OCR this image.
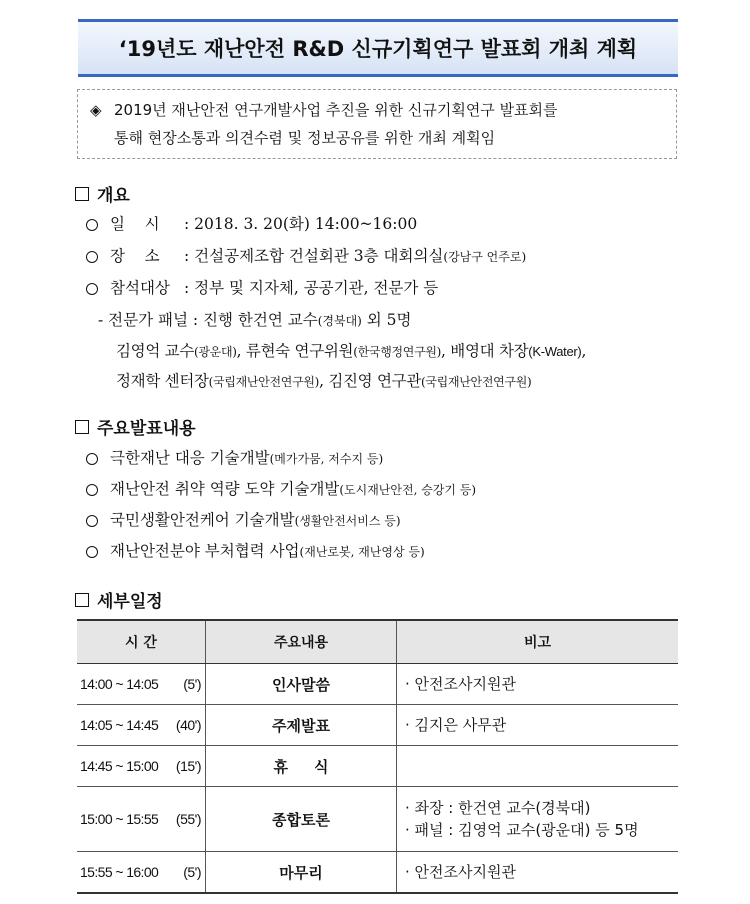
‘19년도 재난안전 R&D 신규기획연구 발표회 개최 계획
◈ 2019년 재난안전 연구개발사업 추진을 위한 신규기획연구 발표회를
통해 현장소통과 의견수렴 및 정보공유를 위한 개최 계획임
개요
일    시 : 2018. 3. 20(화) 14:00~16:00
장    소 : 건설공제조합 건설회관 3층 대회의실(강남구 언주로)
참석대상 : 정부 및 지자체, 공공기관, 전문가 등
- 전문가 패널 : 진행 한건연 교수(경북대) 외 5명
김영억 교수(광운대), 류현숙 연구위원(한국행정연구원), 배영대 차장(K-Water),
정재학 센터장(국립재난안전연구원), 김진영 연구관(국립재난안전연구원)
주요발표내용
극한재난 대응 기술개발(메가가뭄, 저수지 등)
재난안전 취약 역량 도약 기술개발(도시재난안전, 승강기 등)
국민생활안전케어 기술개발(생활안전서비스 등)
재난안전분야 부처협력 사업(재난로봇, 재난영상 등)
세부일정
시 간	주요내용	비고
14:00 ~ 14:05 (5')	인사말씀	· 안전조사지원관

14:05 ~ 14:45 (40')	주제발표	· 김지은 사무관

14:45 ~ 15:00 (15')	휴     식	
15:00 ~ 15:55 (55')	종합토론	· 좌장 : 한건연 교수(경북대)
· 패널 : 김영억 교수(광운대) 등 5명

15:55 ~ 16:00 (5')	마무리	· 안전조사지원관
